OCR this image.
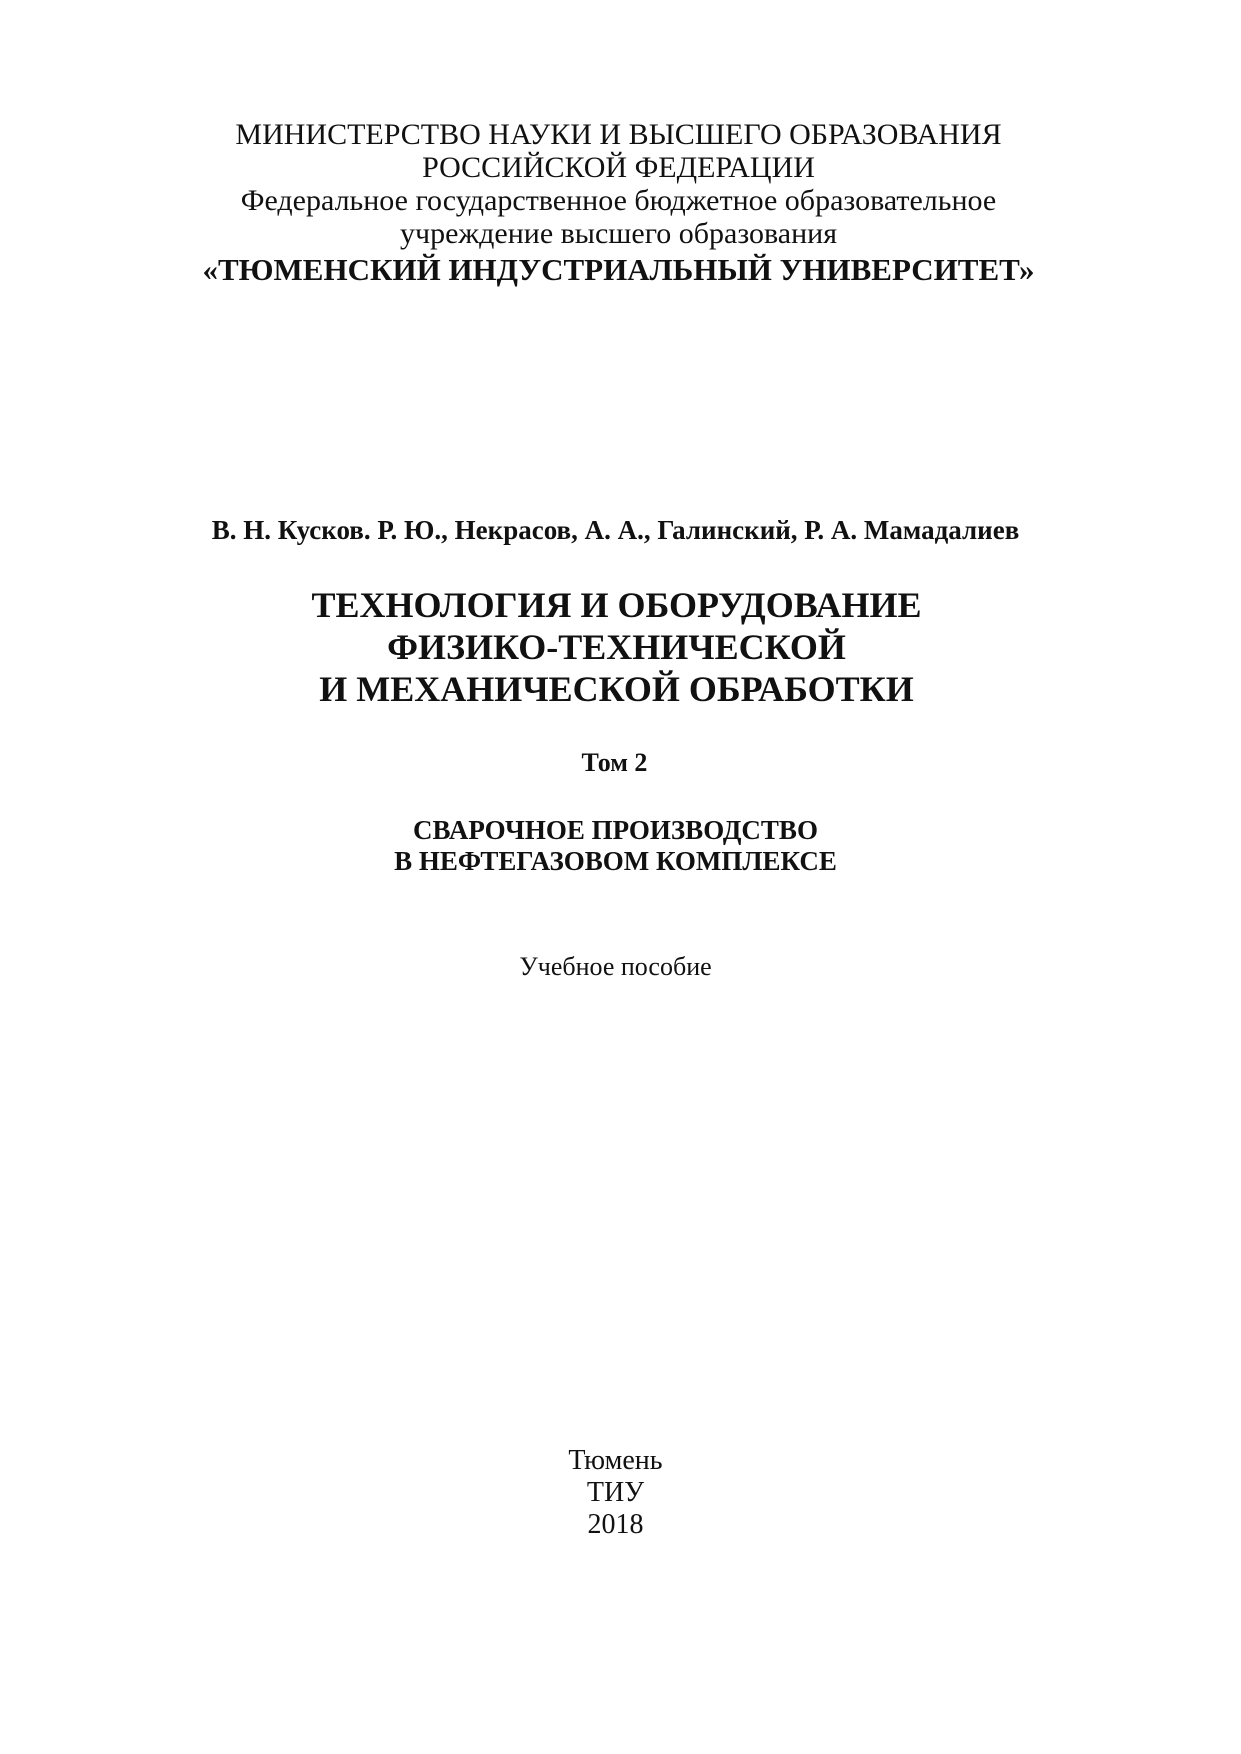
МИНИСТЕРСТВО НАУКИ И ВЫСШЕГО ОБРАЗОВАНИЯ
РОССИЙСКОЙ ФЕДЕРАЦИИ
Федеральное государственное бюджетное образовательное
учреждение высшего образования
«ТЮМЕНСКИЙ ИНДУСТРИАЛЬНЫЙ УНИВЕРСИТЕТ»
В. Н. Кусков. Р. Ю., Некрасов, А. А., Галинский, Р. А. Мамадалиев
ТЕХНОЛОГИЯ И ОБОРУДОВАНИЕ
ФИЗИКО-ТЕХНИЧЕСКОЙ
И МЕХАНИЧЕСКОЙ ОБРАБОТКИ
Том 2
СВАРОЧНОЕ ПРОИЗВОДСТВО
В НЕФТЕГАЗОВОМ КОМПЛЕКСЕ
Учебное пособие
Тюмень
ТИУ
2018
